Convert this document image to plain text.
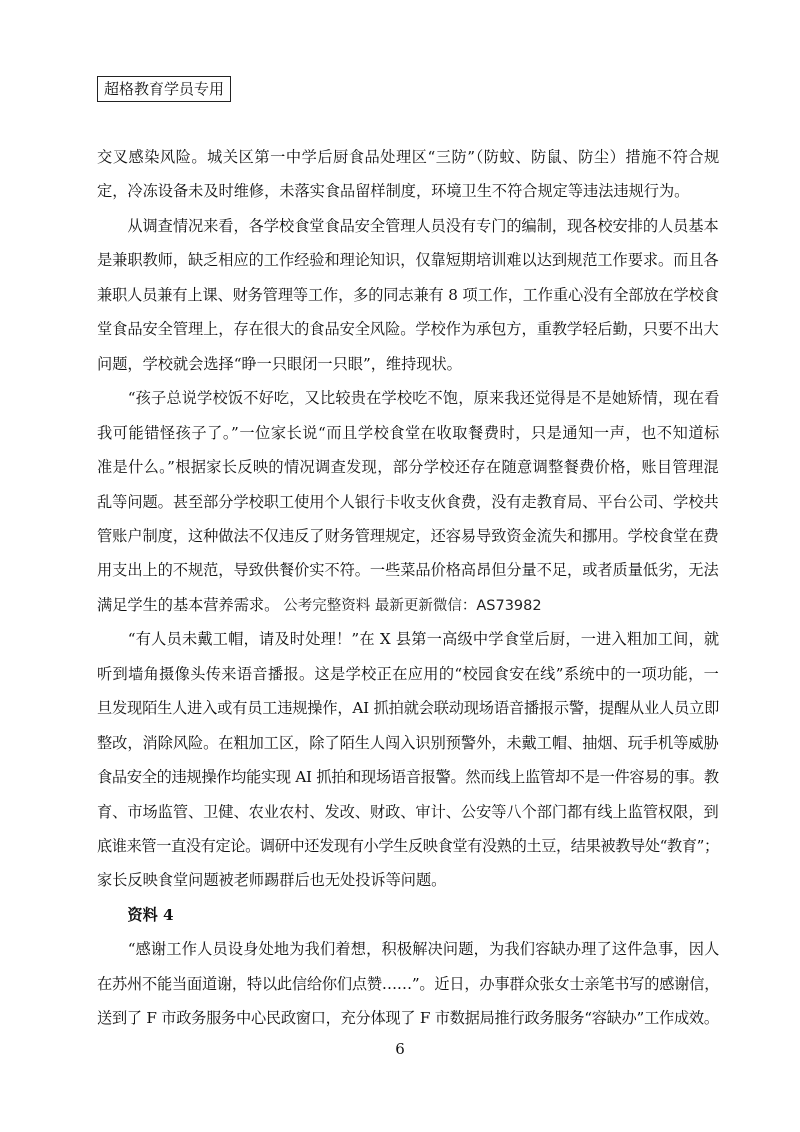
超格教育学员专用
交叉感染风险。城关区第一中学后厨食品处理区“三防”（防蚊、防鼠、防尘）措施不符合规
定，冷冻设备未及时维修，未落实食品留样制度，环境卫生不符合规定等违法违规行为。
　　从调查情况来看，各学校食堂食品安全管理人员没有专门的编制，现各校安排的人员基本
是兼职教师，缺乏相应的工作经验和理论知识，仅靠短期培训难以达到规范工作要求。而且各
兼职人员兼有上课、财务管理等工作，多的同志兼有 8 项工作，工作重心没有全部放在学校食
堂食品安全管理上，存在很大的食品安全风险。学校作为承包方，重教学轻后勤，只要不出大
问题，学校就会选择“睁一只眼闭一只眼”，维持现状。
　　“孩子总说学校饭不好吃，又比较贵在学校吃不饱，原来我还觉得是不是她矫情，现在看
我可能错怪孩子了。”一位家长说“而且学校食堂在收取餐费时，只是通知一声，也不知道标
准是什么。”根据家长反映的情况调查发现，部分学校还存在随意调整餐费价格，账目管理混
乱等问题。甚至部分学校职工使用个人银行卡收支伙食费，没有走教育局、平台公司、学校共
管账户制度，这种做法不仅违反了财务管理规定，还容易导致资金流失和挪用。学校食堂在费
用支出上的不规范，导致供餐价实不符。一些菜品价格高昂但分量不足，或者质量低劣，无法
满足学生的基本营养需求。 公考完整资料 最新更新微信：AS73982
　　“有人员未戴工帽，请及时处理！”在 X 县第一高级中学食堂后厨，一进入粗加工间，就
听到墙角摄像头传来语音播报。这是学校正在应用的“校园食安在线”系统中的一项功能，一
旦发现陌生人进入或有员工违规操作，AI 抓拍就会联动现场语音播报示警，提醒从业人员立即
整改，消除风险。在粗加工区，除了陌生人闯入识别预警外，未戴工帽、抽烟、玩手机等威胁
食品安全的违规操作均能实现 AI 抓拍和现场语音报警。然而线上监管却不是一件容易的事。教
育、市场监管、卫健、农业农村、发改、财政、审计、公安等八个部门都有线上监管权限，到
底谁来管一直没有定论。调研中还发现有小学生反映食堂有没熟的土豆，结果被教导处“教育”；
家长反映食堂问题被老师踢群后也无处投诉等问题。
　　资料 4
　　“感谢工作人员设身处地为我们着想，积极解决问题，为我们容缺办理了这件急事，因人
在苏州不能当面道谢，特以此信给你们点赞……”。近日，办事群众张女士亲笔书写的感谢信，
送到了 F 市政务服务中心民政窗口，充分体现了 F 市数据局推行政务服务“容缺办”工作成效。
6
